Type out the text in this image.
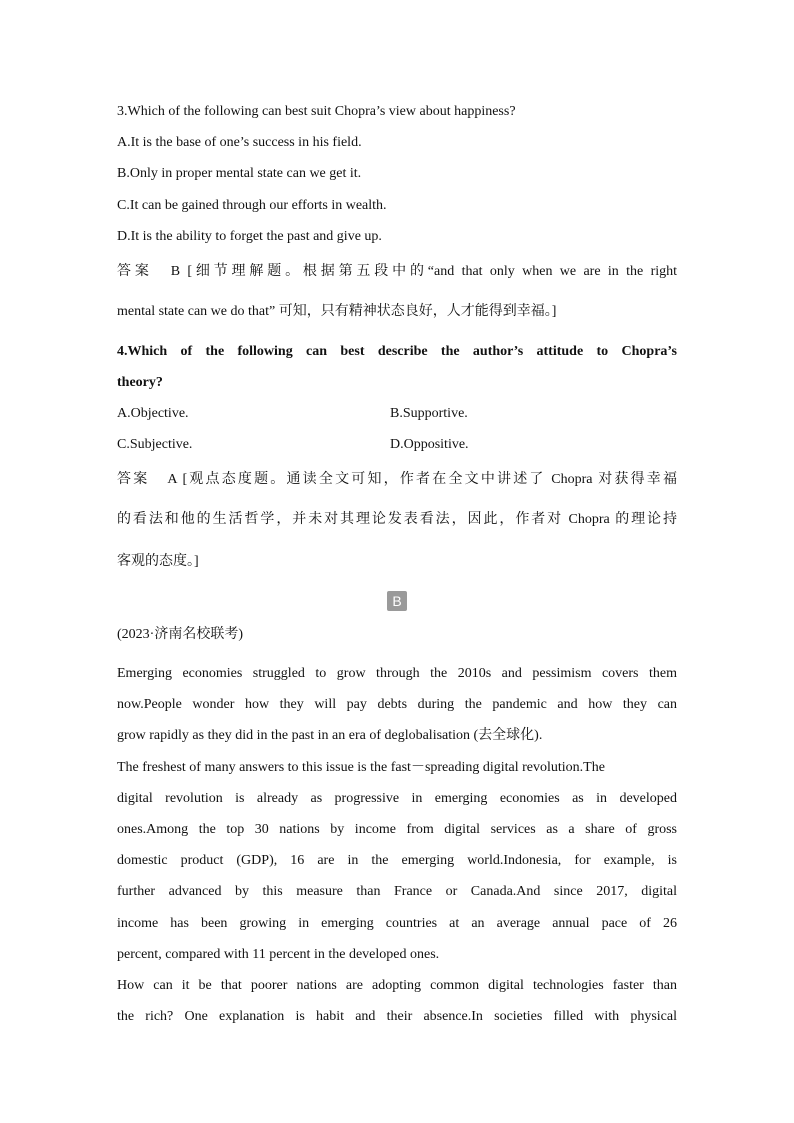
3.Which of the following can best suit Chopra’s view about happiness?
A.It is the base of one’s success in his field.
B.Only in proper mental state can we get it.
C.It can be gained through our efforts in wealth.
D.It is the ability to forget the past and give up.
答案 B [细节理解题。根据第五段中的“and that only when we are in the right
mental state can we do that” 可知，只有精神状态良好，人才能得到幸福。]
4.Which of the following can best describe the author’s attitude to Chopra’s
theory?
A.Objective.	B.Supportive.
C.Subjective.	D.Oppositive.
答案 A [观点态度题。通读全文可知，作者在全文中讲述了 Chopra 对获得幸福
的看法和他的生活哲学，并未对其理论发表看法，因此，作者对 Chopra 的理论持
客观的态度。]
(2023·济南名校联考)
Emerging economies struggled to grow through the 2010s and pessimism covers them
now.People wonder how they will pay debts during the pandemic and how they can
grow rapidly as they did in the past in an era of deglobalisation (去全球化).
The freshest of many answers to this issue is the fast－spreading digital revolution.The
digital revolution is already as progressive in emerging economies as in developed
ones.Among the top 30 nations by income from digital services as a share of gross
domestic product (GDP), 16 are in the emerging world.Indonesia, for example, is
further advanced by this measure than France or Canada.And since 2017, digital
income has been growing in emerging countries at an average annual pace of 26
percent, compared with 11 percent in the developed ones.
How can it be that poorer nations are adopting common digital technologies faster than
the rich? One explanation is habit and their absence.In societies filled with physical
B
